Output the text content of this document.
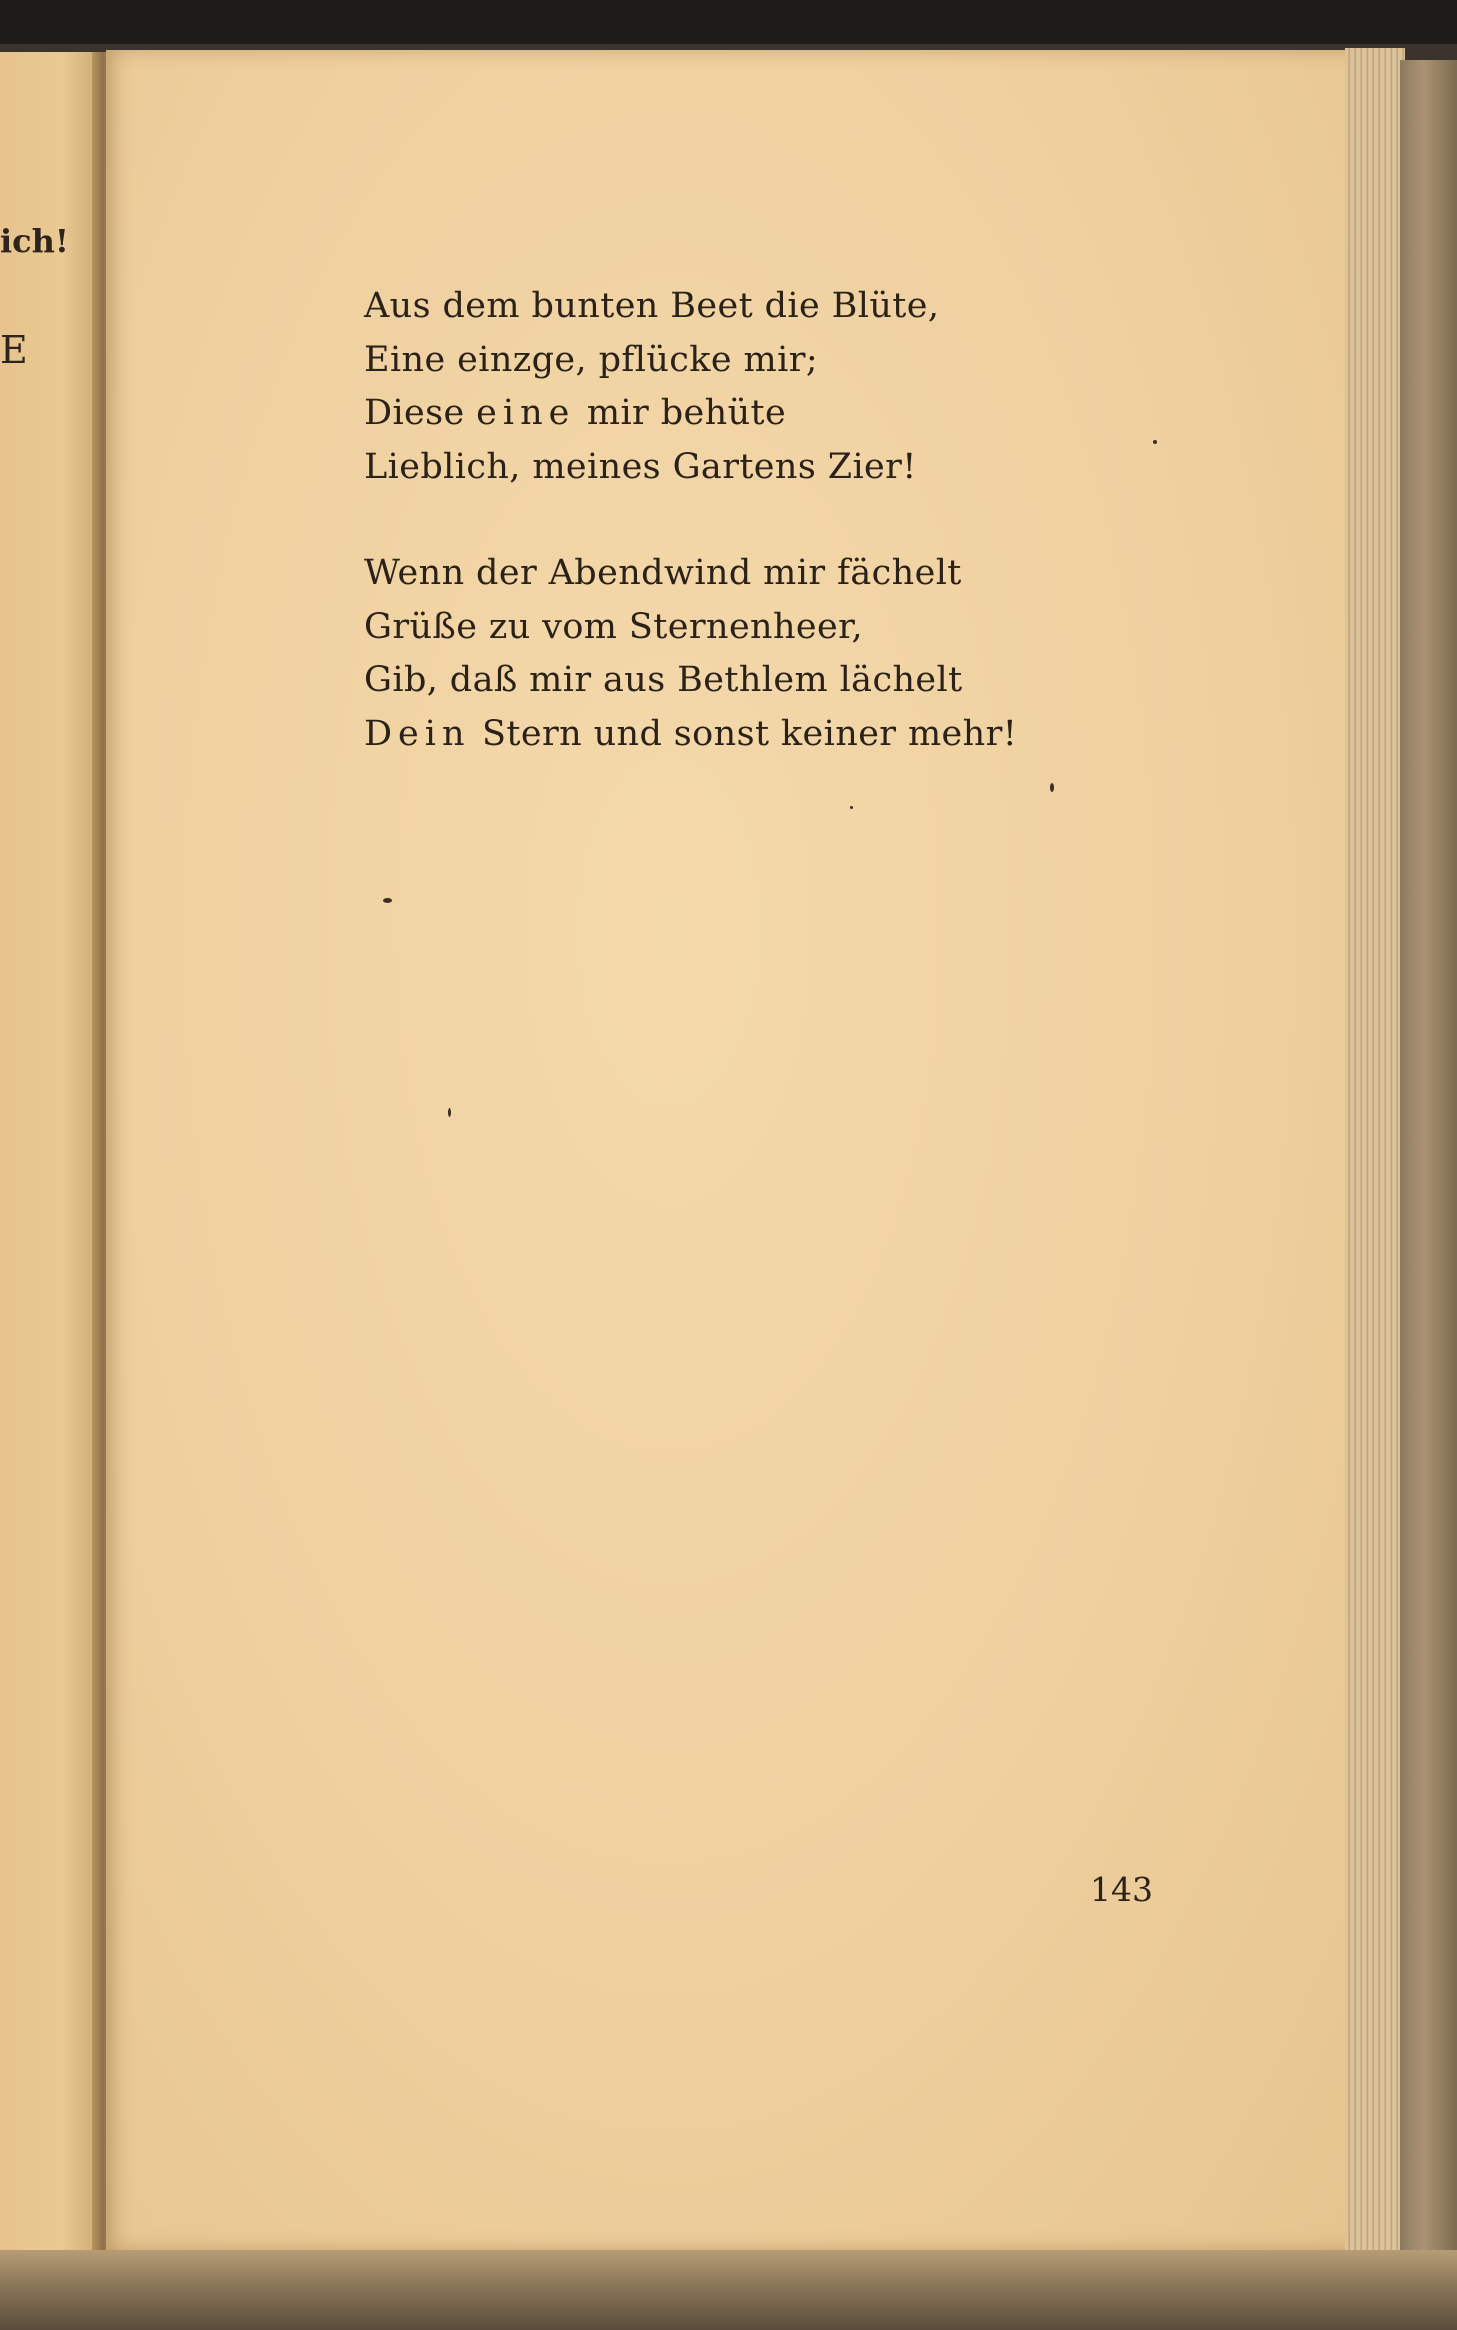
ich!
E
Aus dem bunten Beet die Blüte,
Eine einzge, pflücke mir;
Diese eine mir behüte
Lieblich, meines Gartens Zier!
Wenn der Abendwind mir fächelt
Grüße zu vom Sternenheer,
Gib, daß mir aus Bethlem lächelt
Dein Stern und sonst keiner mehr!
143
